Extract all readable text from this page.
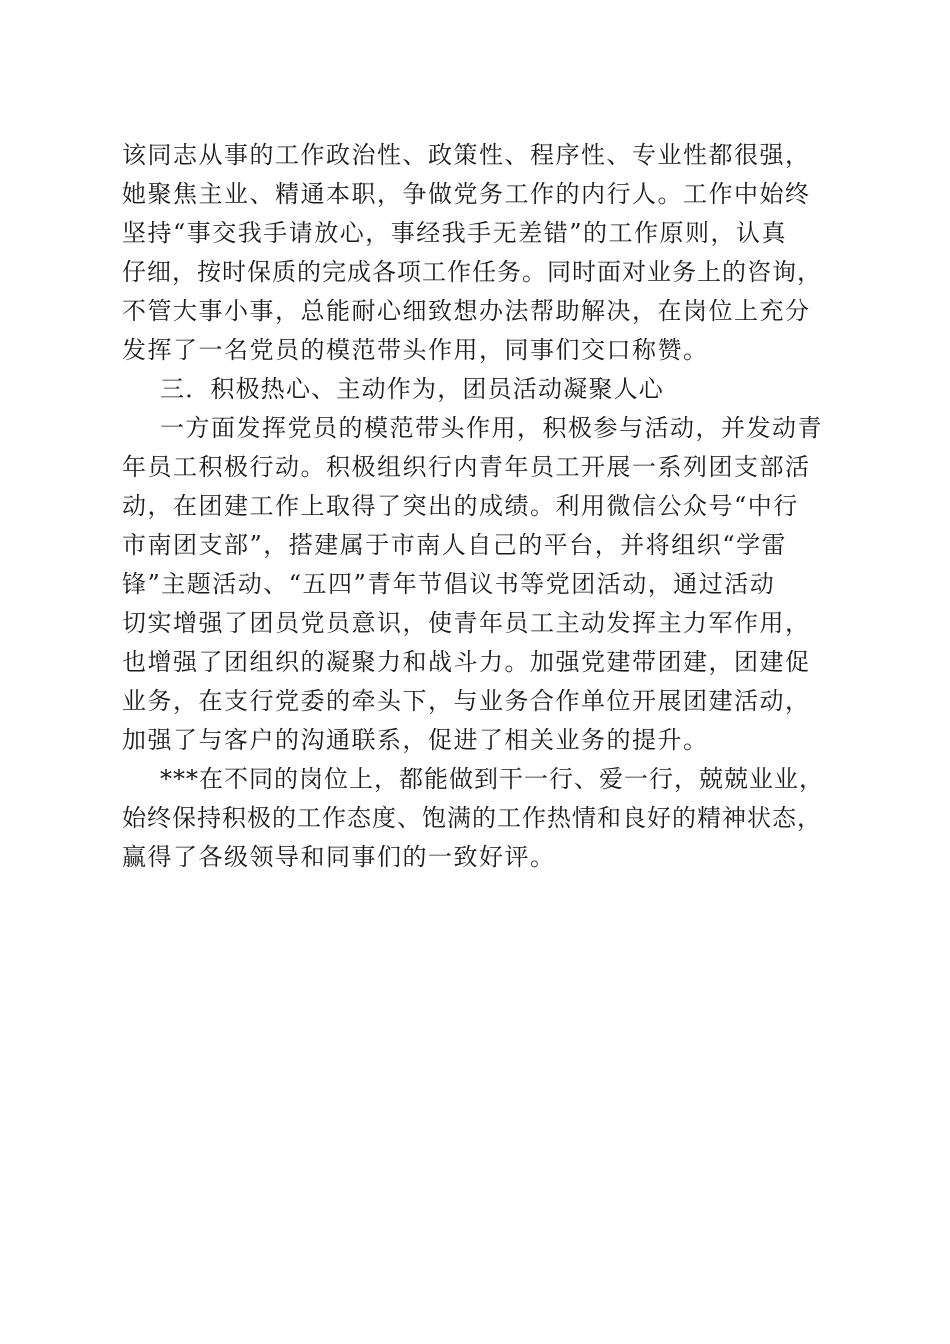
该同志从事的工作政治性、政策性、程序性、专业性都很强，
她聚焦主业、精通本职，争做党务工作的内行人。工作中始终
坚持“事交我手请放心，事经我手无差错”的工作原则，认真
仔细，按时保质的完成各项工作任务。同时面对业务上的咨询，
不管大事小事，总能耐心细致想办法帮助解决，在岗位上充分
发挥了一名党员的模范带头作用，同事们交口称赞。
三．积极热心、主动作为，团员活动凝聚人心
一方面发挥党员的模范带头作用，积极参与活动，并发动青
年员工积极行动。积极组织行内青年员工开展一系列团支部活
动，在团建工作上取得了突出的成绩。利用微信公众号“中行
市南团支部”，搭建属于市南人自己的平台，并将组织“学雷
锋”主题活动、“五四”青年节倡议书等党团活动，通过活动
切实增强了团员党员意识，使青年员工主动发挥主力军作用，
也增强了团组织的凝聚力和战斗力。加强党建带团建，团建促
业务，在支行党委的牵头下，与业务合作单位开展团建活动，
加强了与客户的沟通联系，促进了相关业务的提升。
***在不同的岗位上，都能做到干一行、爱一行，兢兢业业，
始终保持积极的工作态度、饱满的工作热情和良好的精神状态，
赢得了各级领导和同事们的一致好评。
